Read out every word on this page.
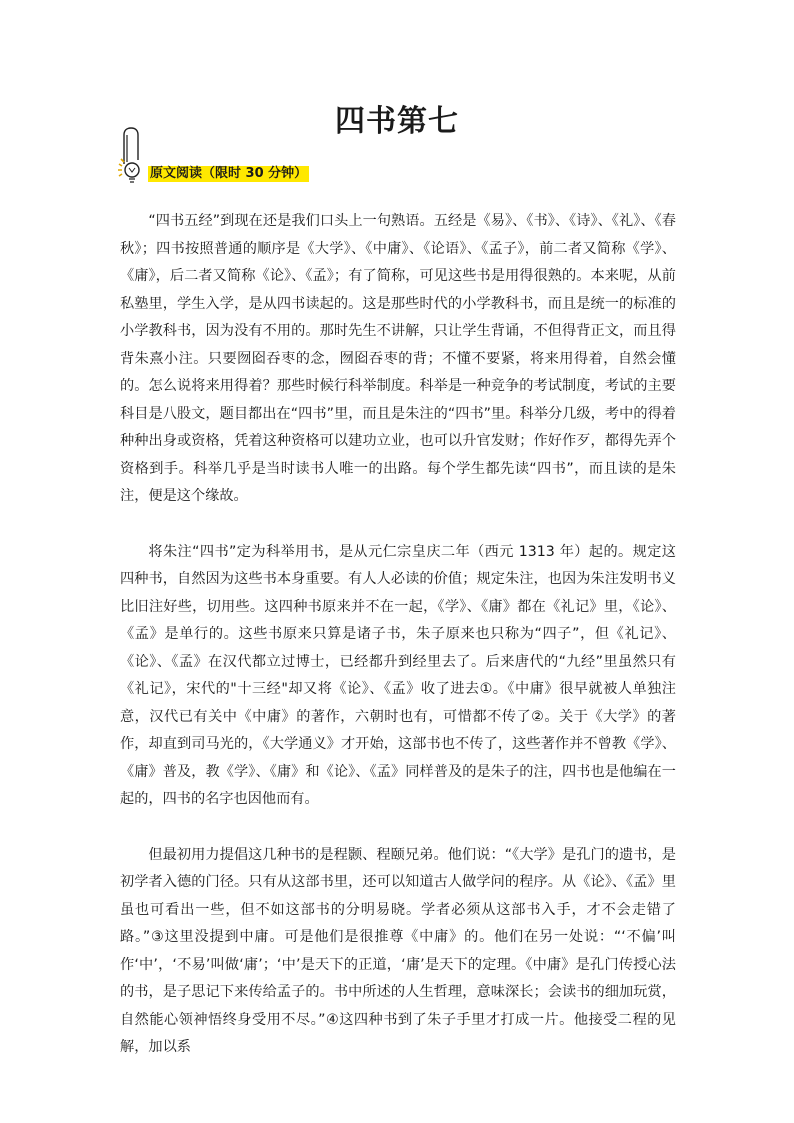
四书第七
原文阅读（限时 30 分钟）

“四书五经”到现在还是我们口头上一句熟语。五经是《易》、《书》、《诗》、《礼》、《春秋》；四书按照普通的顺序是《大学》、《中庸》、《论语》、《孟子》，前二者又简称《学》、《庸》，后二者又简称《论》、《孟》；有了简称，可见这些书是用得很熟的。本来呢，从前私塾里，学生入学，是从四书读起的。这是那些时代的小学教科书，而且是统一的标准的小学教科书，因为没有不用的。那时先生不讲解，只让学生背诵，不但得背正文，而且得背朱熹小注。只要囫囵吞枣的念，囫囵吞枣的背；不懂不要紧，将来用得着，自然会懂的。怎么说将来用得着？那些时候行科举制度。科举是一种竞争的考试制度，考试的主要科目是八股文，题目都出在“四书”里，而且是朱注的“四书”里。科举分几级，考中的得着种种出身或资格，凭着这种资格可以建功立业，也可以升官发财；作好作歹，都得先弄个资格到手。科举几乎是当时读书人唯一的出路。每个学生都先读“四书”，而且读的是朱注，便是这个缘故。

将朱注“四书”定为科举用书，是从元仁宗皇庆二年（西元 1313 年）起的。规定这四种书，自然因为这些书本身重要。有人人必读的价值；规定朱注，也因为朱注发明书义比旧注好些，切用些。这四种书原来并不在一起，《学》、《庸》都在《礼记》里，《论》、《孟》是单行的。这些书原来只算是诸子书，朱子原来也只称为“四子”，但《礼记》、《论》、《孟》在汉代都立过博士，已经都升到经里去了。后来唐代的“九经”里虽然只有《礼记》，宋代的"十三经"却又将《论》、《孟》收了进去①。《中庸》很早就被人单独注意，汉代已有关中《中庸》的著作，六朝时也有，可惜都不传了②。关于《大学》的著作，却直到司马光的，《大学通义》才开始，这部书也不传了，这些著作并不曾教《学》、《庸》普及，教《学》、《庸》和《论》、《孟》同样普及的是朱子的注，四书也是他编在一起的，四书的名字也因他而有。

但最初用力提倡这几种书的是程颢、程颐兄弟。他们说：“《大学》是孔门的遗书，是初学者入德的门径。只有从这部书里，还可以知道古人做学问的程序。从《论》、《孟》里虽也可看出一些，但不如这部书的分明易晓。学者必须从这部书入手，才不会走错了路。”③这里没提到中庸。可是他们是很推尊《中庸》的。他们在另一处说：“‘不偏’叫作‘中’，‘不易’叫做‘庸’；‘中’是天下的正道，‘庸’是天下的定理。《中庸》是孔门传授心法的书，是子思记下来传给孟子的。书中所述的人生哲理，意味深长；会读书的细加玩赏，自然能心领神悟终身受用不尽。”④这四种书到了朱子手里才打成一片。他接受二程的见解，加以系
